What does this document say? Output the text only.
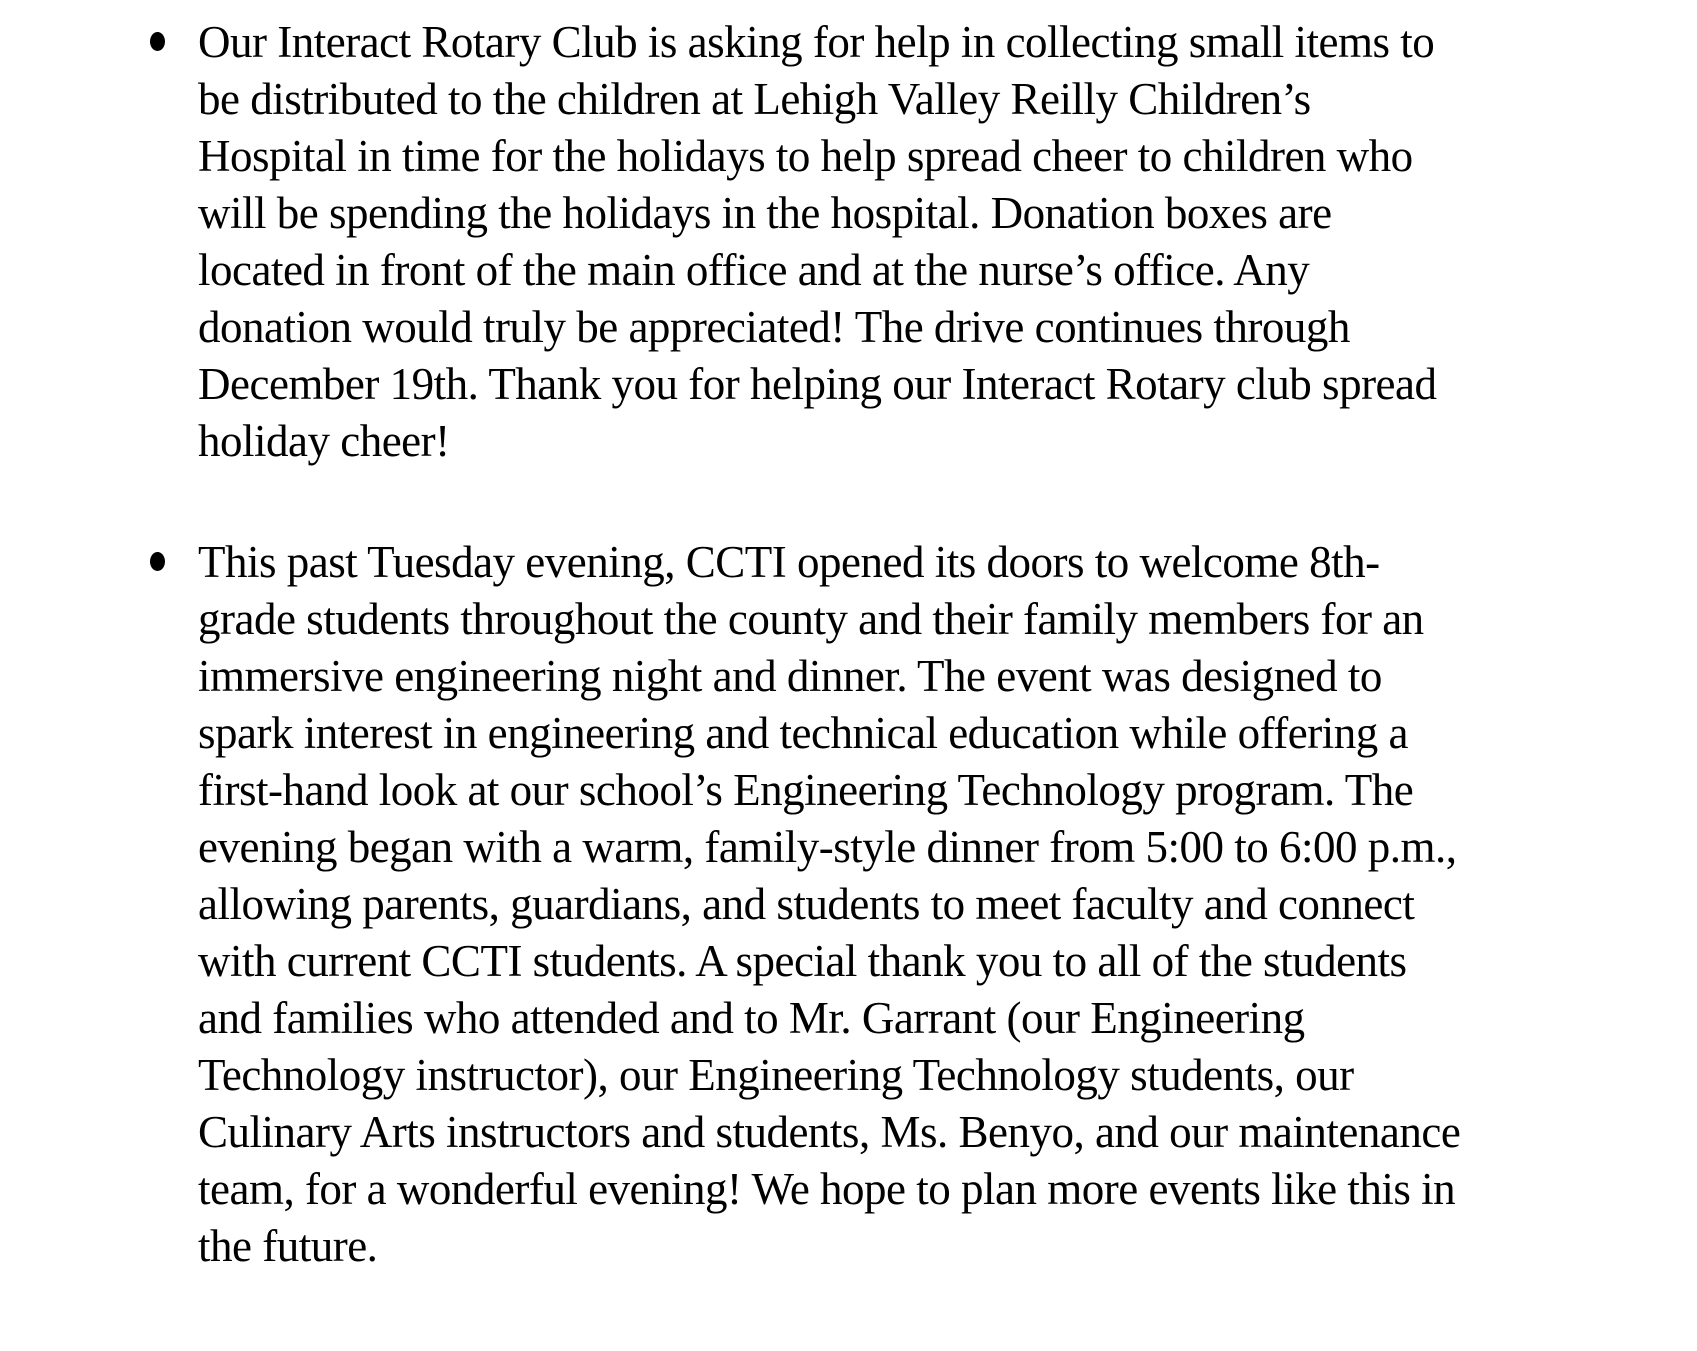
Our Interact Rotary Club is asking for help in collecting small items to be distributed to the children at Lehigh Valley Reilly Children’s Hospital in time for the holidays to help spread cheer to children who will be spending the holidays in the hospital. Donation boxes are located in front of the main office and at the nurse’s office. Any donation would truly be appreciated! The drive continues through December 19th. Thank you for helping our Interact Rotary club spread holiday cheer!
This past Tuesday evening, CCTI opened its doors to welcome 8th-grade students throughout the county and their family members for an immersive engineering night and dinner. The event was designed to spark interest in engineering and technical education while offering a first-hand look at our school’s Engineering Technology program. The evening began with a warm, family-style dinner from 5:00 to 6:00 p.m., allowing parents, guardians, and students to meet faculty and connect with current CCTI students. A special thank you to all of the students and families who attended and to Mr. Garrant (our Engineering Technology instructor), our Engineering Technology students, our Culinary Arts instructors and students, Ms. Benyo, and our maintenance team, for a wonderful evening! We hope to plan more events like this in the future.
